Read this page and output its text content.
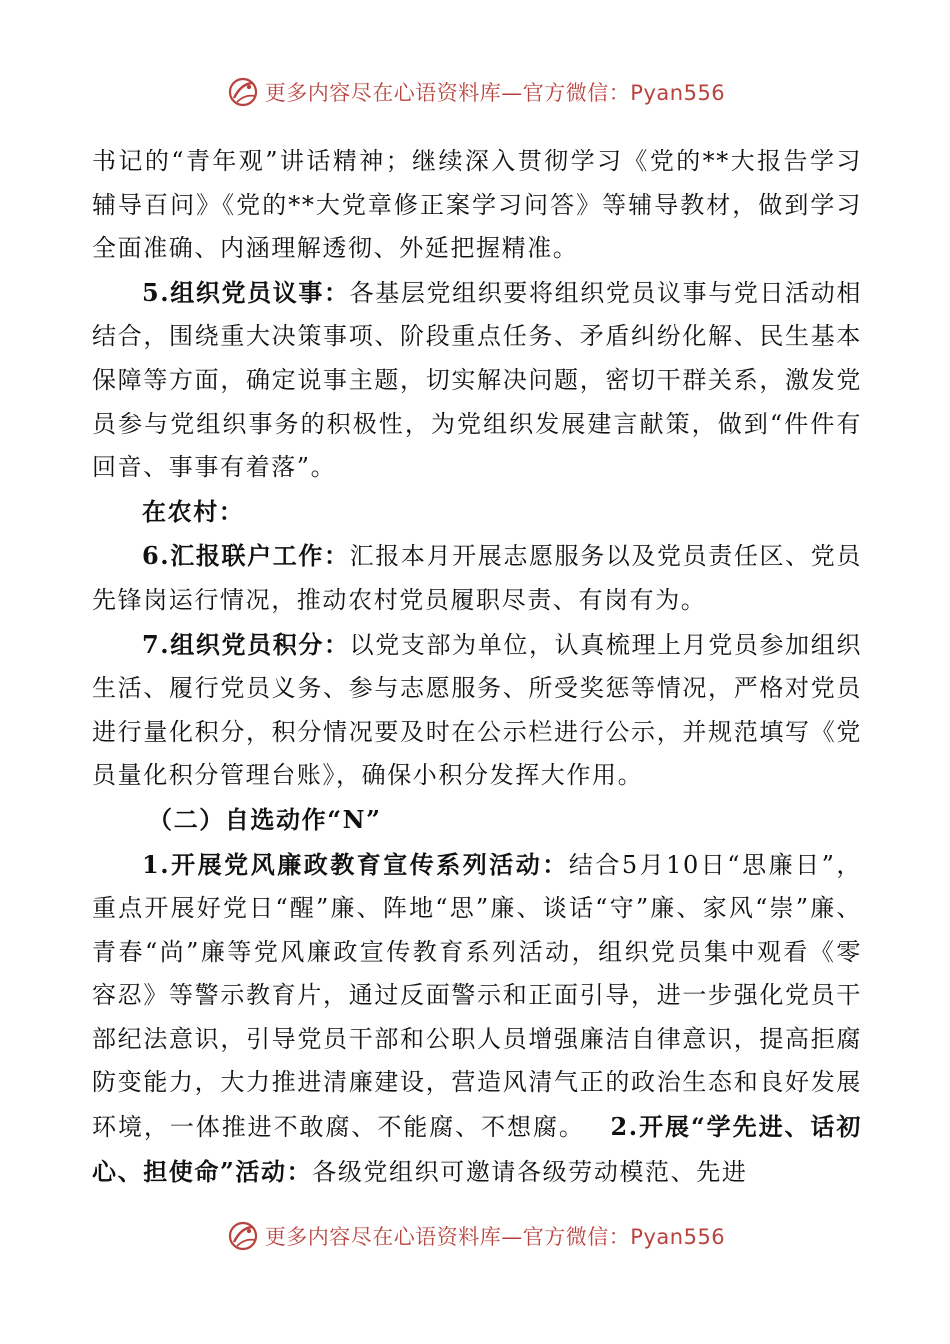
更多内容尽在心语资料库—官方微信：Pyan556

书记的“青年观”讲话精神；继续深入贯彻学习《党的**大报告学习辅导百问》《党的**大党章修正案学习问答》等辅导教材，做到学习全面准确、内涵理解透彻、外延把握精准。

5.组织党员议事：各基层党组织要将组织党员议事与党日活动相结合，围绕重大决策事项、阶段重点任务、矛盾纠纷化解、民生基本保障等方面，确定说事主题，切实解决问题，密切干群关系，激发党员参与党组织事务的积极性，为党组织发展建言献策，做到“件件有回音、事事有着落”。

在农村：

6.汇报联户工作：汇报本月开展志愿服务以及党员责任区、党员先锋岗运行情况，推动农村党员履职尽责、有岗有为。

7.组织党员积分：以党支部为单位，认真梳理上月党员参加组织生活、履行党员义务、参与志愿服务、所受奖惩等情况，严格对党员进行量化积分，积分情况要及时在公示栏进行公示，并规范填写《党员量化积分管理台账》，确保小积分发挥大作用。

（二）自选动作“N”

1.开展党风廉政教育宣传系列活动：结合5月10日“思廉日”，重点开展好党日“醒”廉、阵地“思”廉、谈话“守”廉、家风“崇”廉、青春“尚”廉等党风廉政宣传教育系列活动，组织党员集中观看《零容忍》等警示教育片，通过反面警示和正面引导，进一步强化党员干部纪法意识，引导党员干部和公职人员增强廉洁自律意识，提高拒腐防变能力，大力推进清廉建设，营造风清气正的政治生态和良好发展环境，一体推进不敢腐、不能腐、不想腐。  2.开展“学先进、话初心、担使命”活动：各级党组织可邀请各级劳动模范、先进

更多内容尽在心语资料库—官方微信：Pyan556
